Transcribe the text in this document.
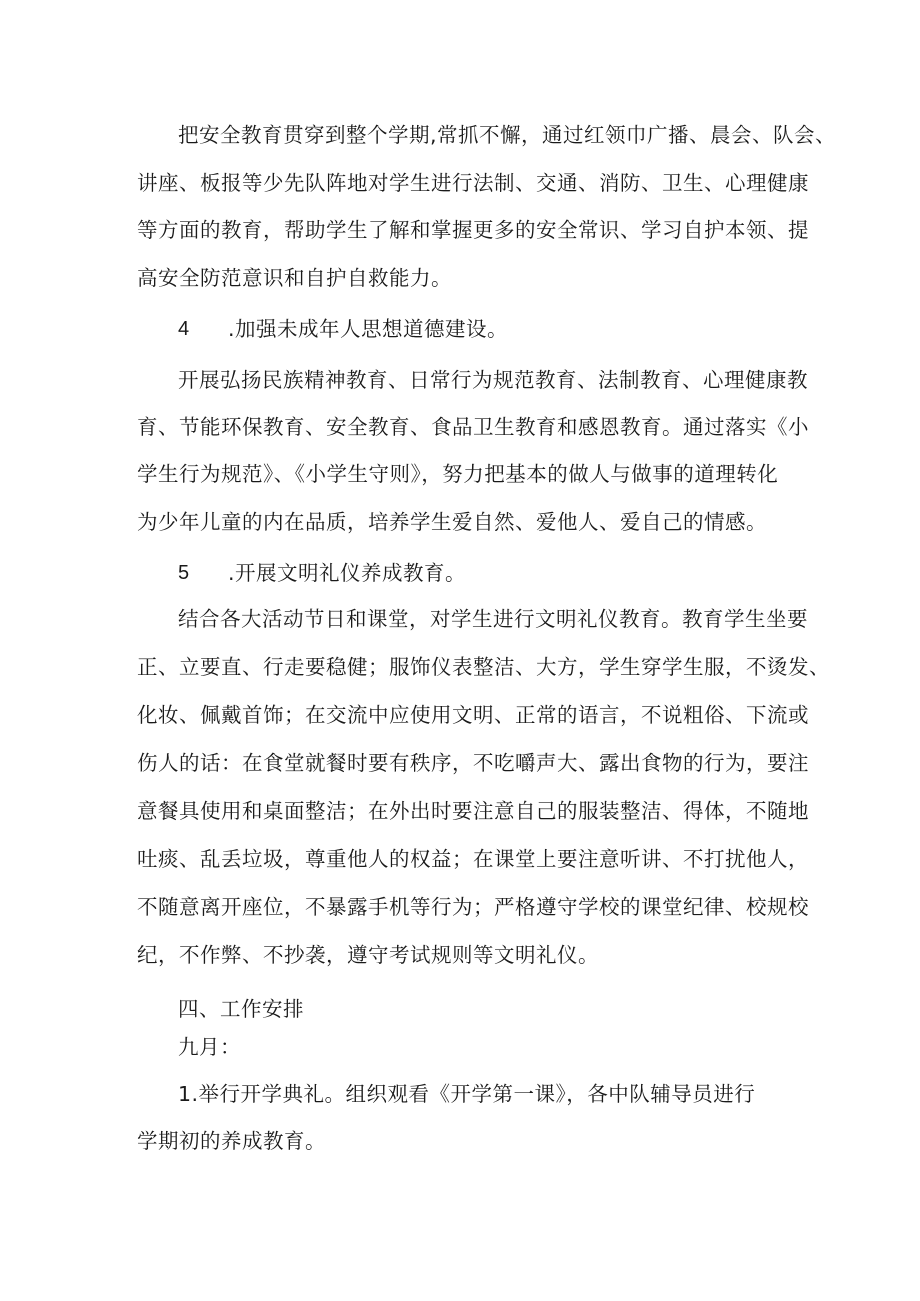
把安全教育贯穿到整个学期,常抓不懈，通过红领巾广播、晨会、队会、

讲座、板报等少先队阵地对学生进行法制、交通、消防、卫生、心理健康

等方面的教育，帮助学生了解和掌握更多的安全常识、学习自护本领、提

高安全防范意识和自护自救能力。

4 .加强未成年人思想道德建设。

开展弘扬民族精神教育、日常行为规范教育、法制教育、心理健康教

育、节能环保教育、安全教育、食品卫生教育和感恩教育。通过落实《小

学生行为规范》、《小学生守则》，努力把基本的做人与做事的道理转化

为少年儿童的内在品质，培养学生爱自然、爱他人、爱自己的情感。

5 .开展文明礼仪养成教育。

结合各大活动节日和课堂，对学生进行文明礼仪教育。教育学生坐要

正、立要直、行走要稳健；服饰仪表整洁、大方，学生穿学生服，不烫发、

化妆、佩戴首饰；在交流中应使用文明、正常的语言，不说粗俗、下流或

伤人的话：在食堂就餐时要有秩序，不吃嚼声大、露出食物的行为，要注

意餐具使用和桌面整洁；在外出时要注意自己的服装整洁、得体，不随地

吐痰、乱丢垃圾，尊重他人的权益；在课堂上要注意听讲、不打扰他人，

不随意离开座位，不暴露手机等行为；严格遵守学校的课堂纪律、校规校

纪，不作弊、不抄袭，遵守考试规则等文明礼仪。

四、工作安排

九月：

1.举行开学典礼。组织观看《开学第一课》，各中队辅导员进行

学期初的养成教育。
